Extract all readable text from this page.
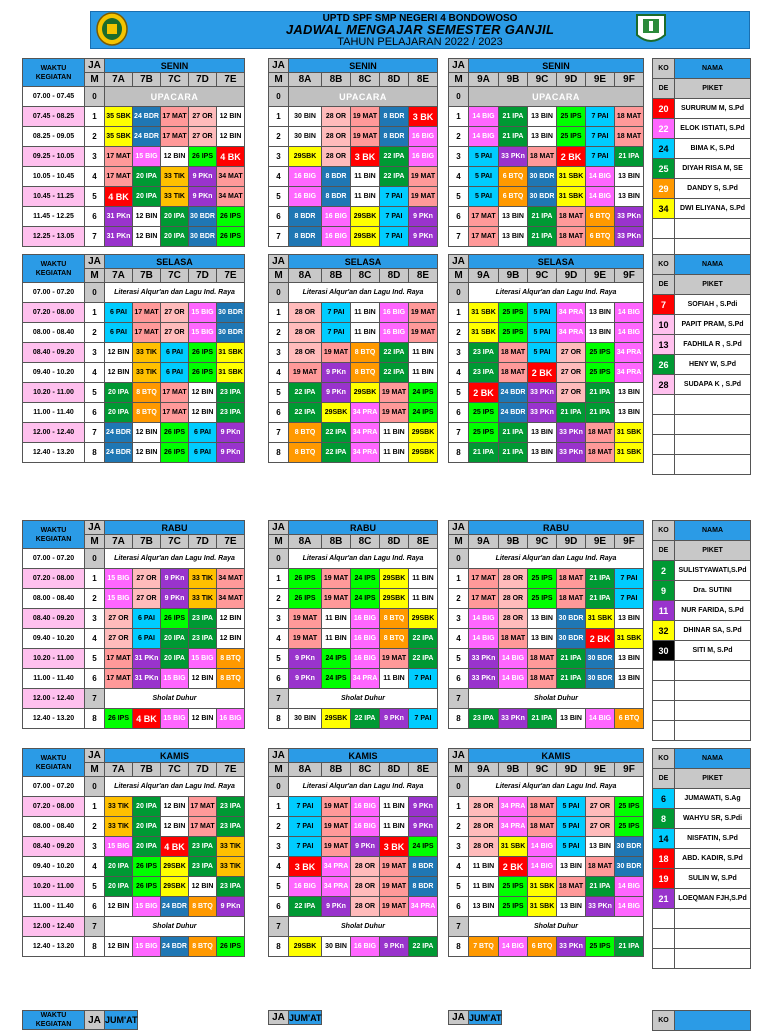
UPTD SPF SMP NEGERI 4 BONDOWOSO
JADWAL MENGAJAR SEMESTER GANJIL
TAHUN PELAJARAN 2022 / 2023
WAKTU KEGIATAN	JA	SENIN				
	M	7A	7B	7C	7D	7E
07.00 - 07.45	0	UPACARA				
07.45 - 08.25	1	35 SBK	24 BDR	17 MAT	27 OR	12 BIN
08.25 - 09.05	2	35 SBK	24 BDR	17 MAT	27 OR	12 BIN
09.25 - 10.05	3	17 MAT	15 BIG	12 BIN	26 IPS	4 BK
10.05 - 10.45	4	17 MAT	20 IPA	33 TIK	9 PKn	34 MAT
10.45 - 11.25	5	4 BK	20 IPA	33 TIK	9 PKn	34 MAT
11.45 - 12.25	6	31 PKn	12 BIN	20 IPA	30 BDR	26 IPS
12.25 - 13.05	7	31 PKn	12 BIN	20 IPA	30 BDR	26 IPS
JA	SENIN				
M	8A	8B	8C	8D	8E
0	UPACARA				
1	30 BIN	28 OR	19 MAT	8 BDR	3 BK
2	30 BIN	28 OR	19 MAT	8 BDR	16 BIG
3	29SBK	28 OR	3 BK	22 IPA	16 BIG
4	16 BIG	8 BDR	11 BIN	22 IPA	19 MAT
5	16 BIG	8 BDR	11 BIN	7 PAI	19 MAT
6	8 BDR	16 BIG	29SBK	7 PAI	9 PKn
7	8 BDR	16 BIG	29SBK	7 PAI	9 PKn
JA	SENIN					
M	9A	9B	9C	9D	9E	9F
0	UPACARA					
1	14 BIG	21 IPA	13 BIN	25 IPS	7 PAI	18 MAT
2	14 BIG	21 IPA	13 BIN	25 IPS	7 PAI	18 MAT
3	5 PAI	33 PKn	18 MAT	2 BK	7 PAI	21 IPA
4	5 PAI	6 BTQ	30 BDR	31 SBK	14 BIG	13 BIN
5	5 PAI	6 BTQ	30 BDR	31 SBK	14 BIG	13 BIN
6	17 MAT	13 BIN	21 IPA	18 MAT	6 BTQ	33 PKn
7	17 MAT	13 BIN	21 IPA	18 MAT	6 BTQ	33 PKn
KO	NAMA
DE	PIKET
20	SURURUM M, S.Pd
22	ELOK ISTIATI, S.Pd
24	BIMA K, S.Pd
25	DIYAH RISA M, SE
29	DANDY S, S.Pd
34	DWI ELIYANA, S.Pd

WAKTU KEGIATAN	JA	SELASA				
	M	7A	7B	7C	7D	7E
07.00 - 07.20	0	Literasi Alqur'an dan Lagu Ind. Raya				
07.20 - 08.00	1	6 PAI	17 MAT	27 OR	15 BIG	30 BDR
08.00 - 08.40	2	6 PAI	17 MAT	27 OR	15 BIG	30 BDR
08.40 - 09.20	3	12 BIN	33 TIK	6 PAI	26 IPS	31 SBK
09.40 - 10.20	4	12 BIN	33 TIK	6 PAI	26 IPS	31 SBK
10.20 - 11.00	5	20 IPA	8 BTQ	17 MAT	12 BIN	23 IPA
11.00 - 11.40	6	20 IPA	8 BTQ	17 MAT	12 BIN	23 IPA
12.00 - 12.40	7	24 BDR	12 BIN	26 IPS	6 PAI	9 PKn
12.40 - 13.20	8	24 BDR	12 BIN	26 IPS	6 PAI	9 PKn
JA	SELASA				
M	8A	8B	8C	8D	8E
0	Literasi Alqur'an dan Lagu Ind. Raya				
1	28 OR	7 PAI	11 BIN	16 BIG	19 MAT
2	28 OR	7 PAI	11 BIN	16 BIG	19 MAT
3	28 OR	19 MAT	8 BTQ	22 IPA	11 BIN
4	19 MAT	9 PKn	8 BTQ	22 IPA	11 BIN
5	22 IPA	9 PKn	29SBK	19 MAT	24 IPS
6	22 IPA	29SBK	34 PRA	19 MAT	24 IPS
7	8 BTQ	22 IPA	34 PRA	11 BIN	29SBK
8	8 BTQ	22 IPA	34 PRA	11 BIN	29SBK
JA	SELASA					
M	9A	9B	9C	9D	9E	9F
0	Literasi Alqur'an dan Lagu Ind. Raya					
1	31 SBK	25 IPS	5 PAI	34 PRA	13 BIN	14 BIG
2	31 SBK	25 IPS	5 PAI	34 PRA	13 BIN	14 BIG
3	23 IPA	18 MAT	5 PAI	27 OR	25 IPS	34 PRA
4	23 IPA	18 MAT	2 BK	27 OR	25 IPS	34 PRA
5	2 BK	24 BDR	33 PKn	27 OR	21 IPA	13 BIN
6	25 IPS	24 BDR	33 PKn	21 IPA	21 IPA	13 BIN
7	25 IPS	21 IPA	13 BIN	33 PKn	18 MAT	31 SBK
8	21 IPA	21 IPA	13 BIN	33 PKn	18 MAT	31 SBK
KO	NAMA
DE	PIKET
7	SOFIAH , S.Pdi
10	PAPIT PRAM, S.Pd
13	FADHILA R , S.Pd
26	HENY W, S.Pd
28	SUDAPA K , S.Pd

WAKTU KEGIATAN	JA	RABU				
	M	7A	7B	7C	7D	7E
07.00 - 07.20	0	Literasi Alqur'an dan Lagu Ind. Raya				
07.20 - 08.00	1	15 BIG	27 OR	9 PKn	33 TIK	34 MAT
08.00 - 08.40	2	15 BIG	27 OR	9 PKn	33 TIK	34 MAT
08.40 - 09.20	3	27 OR	6 PAI	26 IPS	23 IPA	12 BIN
09.40 - 10.20	4	27 OR	6 PAI	20 IPA	23 IPA	12 BIN
10.20 - 11.00	5	17 MAT	31 PKn	20 IPA	15 BIG	8 BTQ
11.00 - 11.40	6	17 MAT	31 PKn	15 BIG	12 BIN	8 BTQ
12.00 - 12.40	7	Sholat Duhur				
12.40 - 13.20	8	26 IPS	4 BK	15 BIG	12 BIN	16 BIG
JA	RABU				
M	8A	8B	8C	8D	8E
0	Literasi Alqur'an dan Lagu Ind. Raya				
1	26 IPS	19 MAT	24 IPS	29SBK	11 BIN
2	26 IPS	19 MAT	24 IPS	29SBK	11 BIN
3	19 MAT	11 BIN	16 BIG	8 BTQ	29SBK
4	19 MAT	11 BIN	16 BIG	8 BTQ	22 IPA
5	9 PKn	24 IPS	16 BIG	19 MAT	22 IPA
6	9 PKn	24 IPS	34 PRA	11 BIN	7 PAI
7	Sholat Duhur				
8	30 BIN	29SBK	22 IPA	9 PKn	7 PAI
JA	RABU					
M	9A	9B	9C	9D	9E	9F
0	Literasi Alqur'an dan Lagu Ind. Raya					
1	17 MAT	28 OR	25 IPS	18 MAT	21 IPA	7 PAI
2	17 MAT	28 OR	25 IPS	18 MAT	21 IPA	7 PAI
3	14 BIG	28 OR	13 BIN	30 BDR	31 SBK	13 BIN
4	14 BIG	18 MAT	13 BIN	30 BDR	2 BK	31 SBK
5	33 PKn	14 BIG	18 MAT	21 IPA	30 BDR	13 BIN
6	33 PKn	14 BIG	18 MAT	21 IPA	30 BDR	13 BIN
7	Sholat Duhur					
8	23 IPA	33 PKn	21 IPA	13 BIN	14 BIG	6 BTQ
KO	NAMA
DE	PIKET
2	SULISTYAWATI,S.Pd
9	Dra. SUTINI
11	NUR FARIDA, S.Pd
32	DHINAR SA, S.Pd
30	SITI M, S.Pd

WAKTU KEGIATAN	JA	KAMIS				
	M	7A	7B	7C	7D	7E
07.00 - 07.20	0	Literasi Alqur'an dan Lagu Ind. Raya				
07.20 - 08.00	1	33 TIK	20 IPA	12 BIN	17 MAT	23 IPA
08.00 - 08.40	2	33 TIK	20 IPA	12 BIN	17 MAT	23 IPA
08.40 - 09.20	3	15 BIG	20 IPA	4 BK	23 IPA	33 TIK
09.40 - 10.20	4	20 IPA	26 IPS	29SBK	23 IPA	33 TIK
10.20 - 11.00	5	20 IPA	26 IPS	29SBK	12 BIN	23 IPA
11.00 - 11.40	6	12 BIN	15 BIG	24 BDR	8 BTQ	9 PKn
12.00 - 12.40	7	Sholat Duhur				
12.40 - 13.20	8	12 BIN	15 BIG	24 BDR	8 BTQ	26 IPS
JA	KAMIS				
M	8A	8B	8C	8D	8E
0	Literasi Alqur'an dan Lagu Ind. Raya				
1	7 PAI	19 MAT	16 BIG	11 BIN	9 PKn
2	7 PAI	19 MAT	16 BIG	11 BIN	9 PKn
3	7 PAI	19 MAT	9 PKn	3 BK	24 IPS
4	3 BK	34 PRA	28 OR	19 MAT	8 BDR
5	16 BIG	34 PRA	28 OR	19 MAT	8 BDR
6	22 IPA	9 PKn	28 OR	19 MAT	34 PRA
7	Sholat Duhur				
8	29SBK	30 BIN	16 BIG	9 PKn	22 IPA
JA	KAMIS					
M	9A	9B	9C	9D	9E	9F
0	Literasi Alqur'an dan Lagu Ind. Raya					
1	28 OR	34 PRA	18 MAT	5 PAI	27 OR	25 IPS
2	28 OR	34 PRA	18 MAT	5 PAI	27 OR	25 IPS
3	28 OR	31 SBK	14 BIG	5 PAI	13 BIN	30 BDR
4	11 BIN	2 BK	14 BIG	13 BIN	18 MAT	30 BDR
5	11 BIN	25 IPS	31 SBK	18 MAT	21 IPA	14 BIG
6	13 BIN	25 IPS	31 SBK	13 BIN	33 PKn	14 BIG
7	Sholat Duhur					
8	7 BTQ	14 BIG	6 BTQ	33 PKn	25 IPS	21 IPA
KO	NAMA
DE	PIKET
6	JUMAWATI, S.Ag
8	WAHYU SR, S.Pdi
14	NISFATIN, S.Pd
18	ABD. KADIR, S.Pd
19	SULIN W, S.Pd
21	LOEQMAN FJH,S.Pd

WAKTU KEGIATAN	JA	JUM'AT	JA	JUM'AT	JA	JUM'AT	KO	
